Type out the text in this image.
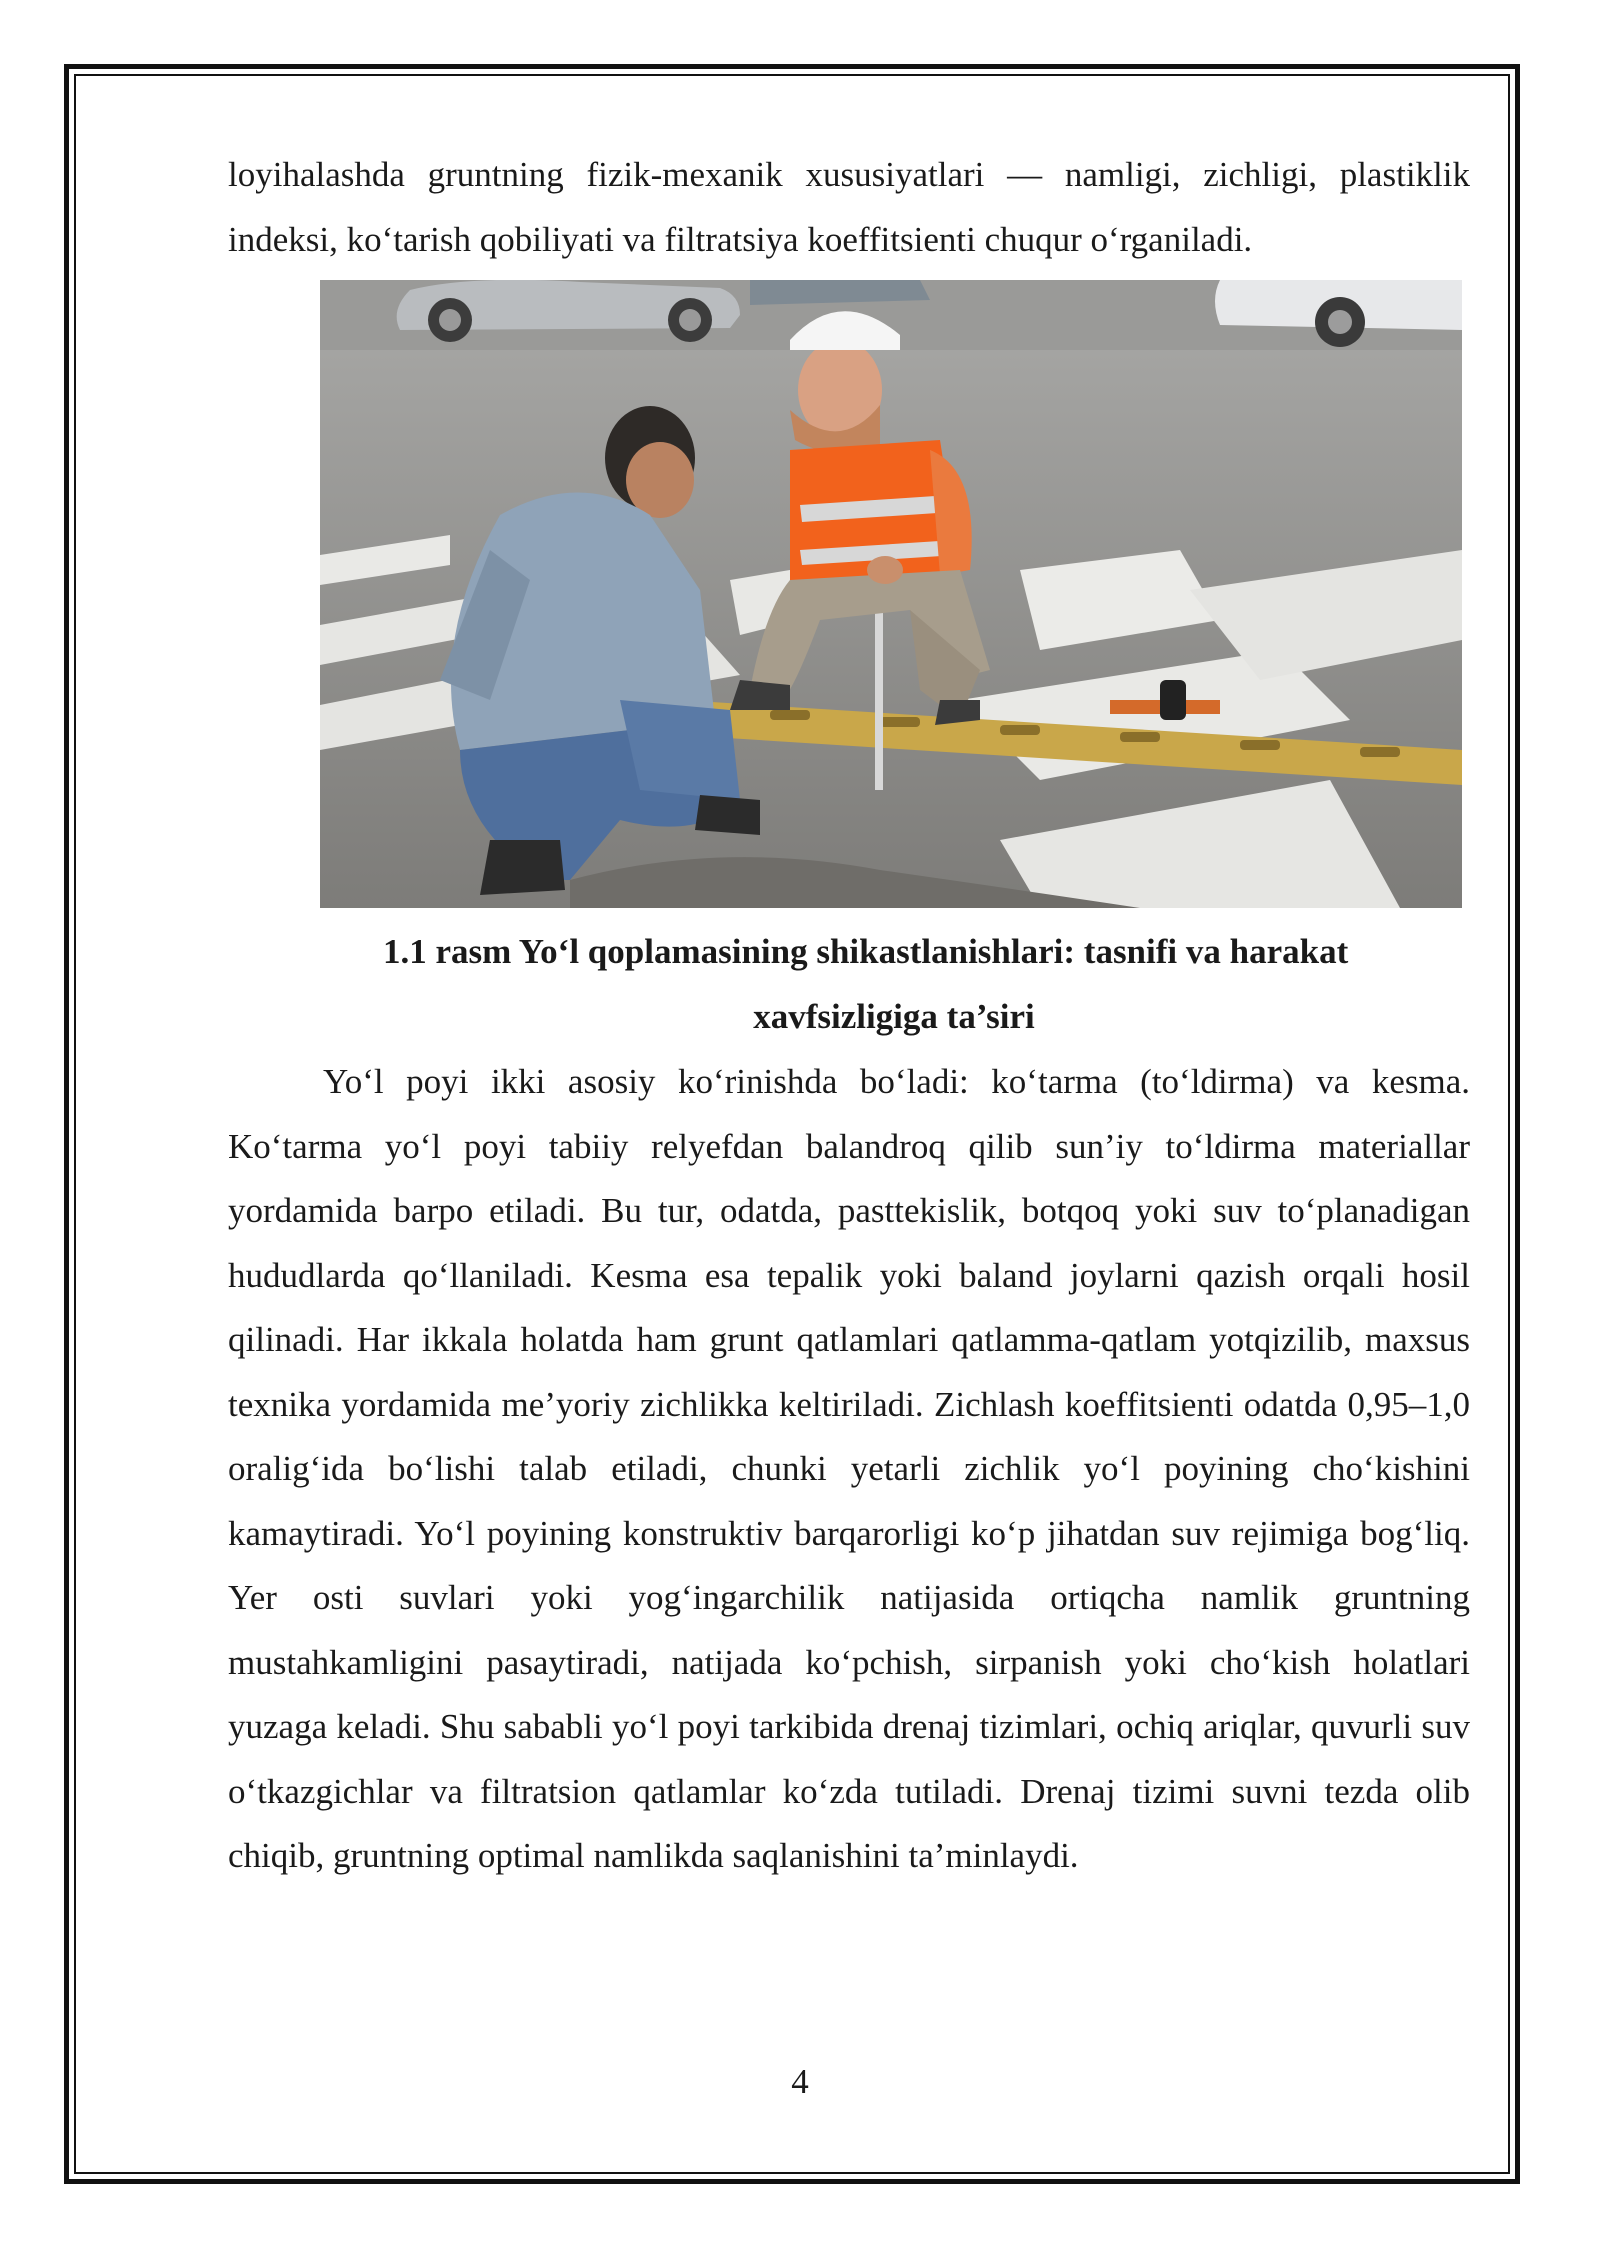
loyihalashda gruntning fizik-mexanik xususiyatlari — namligi, zichligi, plastiklik indeksi, ko‘tarish qobiliyati va filtratsiya koeffitsienti chuqur o‘rganiladi.
1.1 rasm Yo‘l qoplamasining shikastlanishlari: tasnifi va harakat
xavfsizligiga ta’siri
Yo‘l poyi ikki asosiy ko‘rinishda bo‘ladi: ko‘tarma (to‘ldirma) va kesma. Ko‘tarma yo‘l poyi tabiiy relyefdan balandroq qilib sun’iy to‘ldirma materiallar yordamida barpo etiladi. Bu tur, odatda, pasttekislik, botqoq yoki suv to‘planadigan hududlarda qo‘llaniladi. Kesma esa tepalik yoki baland joylarni qazish orqali hosil qilinadi. Har ikkala holatda ham grunt qatlamlari qatlamma-qatlam yotqizilib, maxsus texnika yordamida me’yoriy zichlikka keltiriladi. Zichlash koeffitsienti odatda 0,95–1,0 oralig‘ida bo‘lishi talab etiladi, chunki yetarli zichlik yo‘l poyining cho‘kishini kamaytiradi. Yo‘l poyining konstruktiv barqarorligi ko‘p jihatdan suv rejimiga bog‘liq. Yer osti suvlari yoki yog‘ingarchilik natijasida ortiqcha namlik gruntning mustahkamligini pasaytiradi, natijada ko‘pchish, sirpanish yoki cho‘kish holatlari yuzaga keladi. Shu sababli yo‘l poyi tarkibida drenaj tizimlari, ochiq ariqlar, quvurli suv o‘tkazgichlar va filtratsion qatlamlar ko‘zda tutiladi. Drenaj tizimi suvni tezda olib chiqib, gruntning optimal namlikda saqlanishini ta’minlaydi.
4
